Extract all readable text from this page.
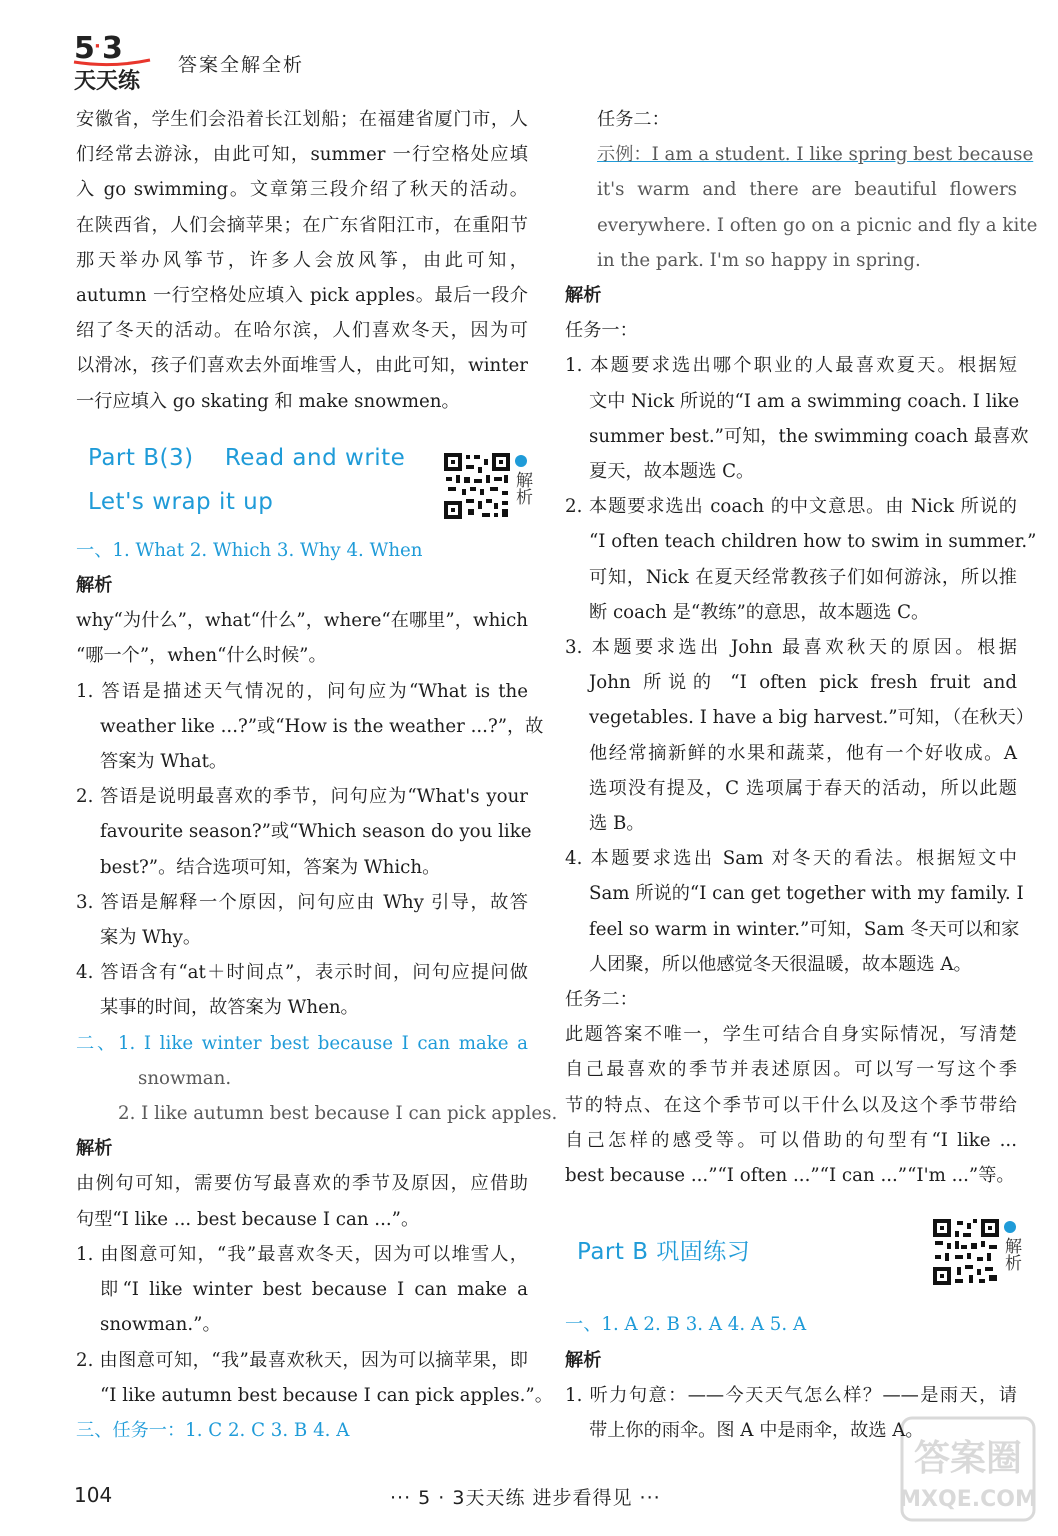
5 · 3
天天练
答案全解全析

安徽省，学生们会沿着长江划船；在福建省厦门市，人

们经常去游泳，由此可知，summer 一行空格处应填

入 go swimming。文章第三段介绍了秋天的活动。

在陕西省，人们会摘苹果；在广东省阳江市，在重阳节

那天举办风筝节，许多人会放风筝，由此可知，

autumn 一行空格处应填入 pick apples。最后一段介

绍了冬天的活动。在哈尔滨，人们喜欢冬天，因为可

以滑冰，孩子们喜欢去外面堆雪人，由此可知，winter

一行应填入 go skating 和 make snowmen。

Part B(3)    Read and write
Let's wrap it up	解析

一、1. What 2. Which 3. Why 4. When

解析

why“为什么”，what“什么”，where“在哪里”，which

“哪一个”，when“什么时候”。

1. 答语是描述天气情况的，问句应为“What is the

weather like ...?”或“How is the weather ...?”，故

答案为 What。

2. 答语是说明最喜欢的季节，问句应为“What's your

favourite season?”或“Which season do you like

best?”。结合选项可知，答案为 Which。

3. 答语是解释一个原因，问句应由 Why 引导，故答

案为 Why。

4. 答语含有“at＋时间点”，表示时间，问句应提问做

某事的时间，故答案为 When。

二、1. I like winter best because I can make a

snowman.

2. I like autumn best because I can pick apples.

解析

由例句可知，需要仿写最喜欢的季节及原因，应借助

句型“I like ... best because I can ...”。

1. 由图意可知，“我”最喜欢冬天，因为可以堆雪人，

即“I like winter best because I can make a

snowman.”。

2. 由图意可知，“我”最喜欢秋天，因为可以摘苹果，即

“I like autumn best because I can pick apples.”。

三、任务一：1. C 2. C 3. B 4. A

任务二：

示例：I am a student. I like spring best because

it's warm and there are beautiful flowers

everywhere. I often go on a picnic and fly a kite

in the park. I'm so happy in spring.

解析

任务一：

1. 本题要求选出哪个职业的人最喜欢夏天。根据短

文中 Nick 所说的“I am a swimming coach. I like

summer best.”可知，the swimming coach 最喜欢

夏天，故本题选 C。

2. 本题要求选出 coach 的中文意思。由 Nick 所说的

“I often teach children how to swim in summer.”

可知，Nick 在夏天经常教孩子们如何游泳，所以推

断 coach 是“教练”的意思，故本题选 C。

3. 本题要求选出 John 最喜欢秋天的原因。根据

John 所说的 “I often pick fresh fruit and

vegetables. I have a big harvest.”可知，（在秋天）

他经常摘新鲜的水果和蔬菜，他有一个好收成。A

选项没有提及，C 选项属于春天的活动，所以此题

选 B。

4. 本题要求选出 Sam 对冬天的看法。根据短文中

Sam 所说的“I can get together with my family. I

feel so warm in winter.”可知，Sam 冬天可以和家

人团聚，所以他感觉冬天很温暖，故本题选 A。

任务二：

此题答案不唯一，学生可结合自身实际情况，写清楚

自己最喜欢的季节并表述原因。可以写一写这个季

节的特点、在这个季节可以干什么以及这个季节带给

自己怎样的感受等。可以借助的句型有“I like ...

best because ...”“I often ...”“I can ...”“I'm ...”等。

Part B 巩固练习	解析

一、1. A 2. B 3. A 4. A 5. A

解析

1. 听力句意：——今天天气怎么样？——是雨天，请

带上你的雨伞。图 A 中是雨伞，故选 A。

104	··· 5 · 3天天练 进步看得见 ···
答案圈
MXQE.COM
